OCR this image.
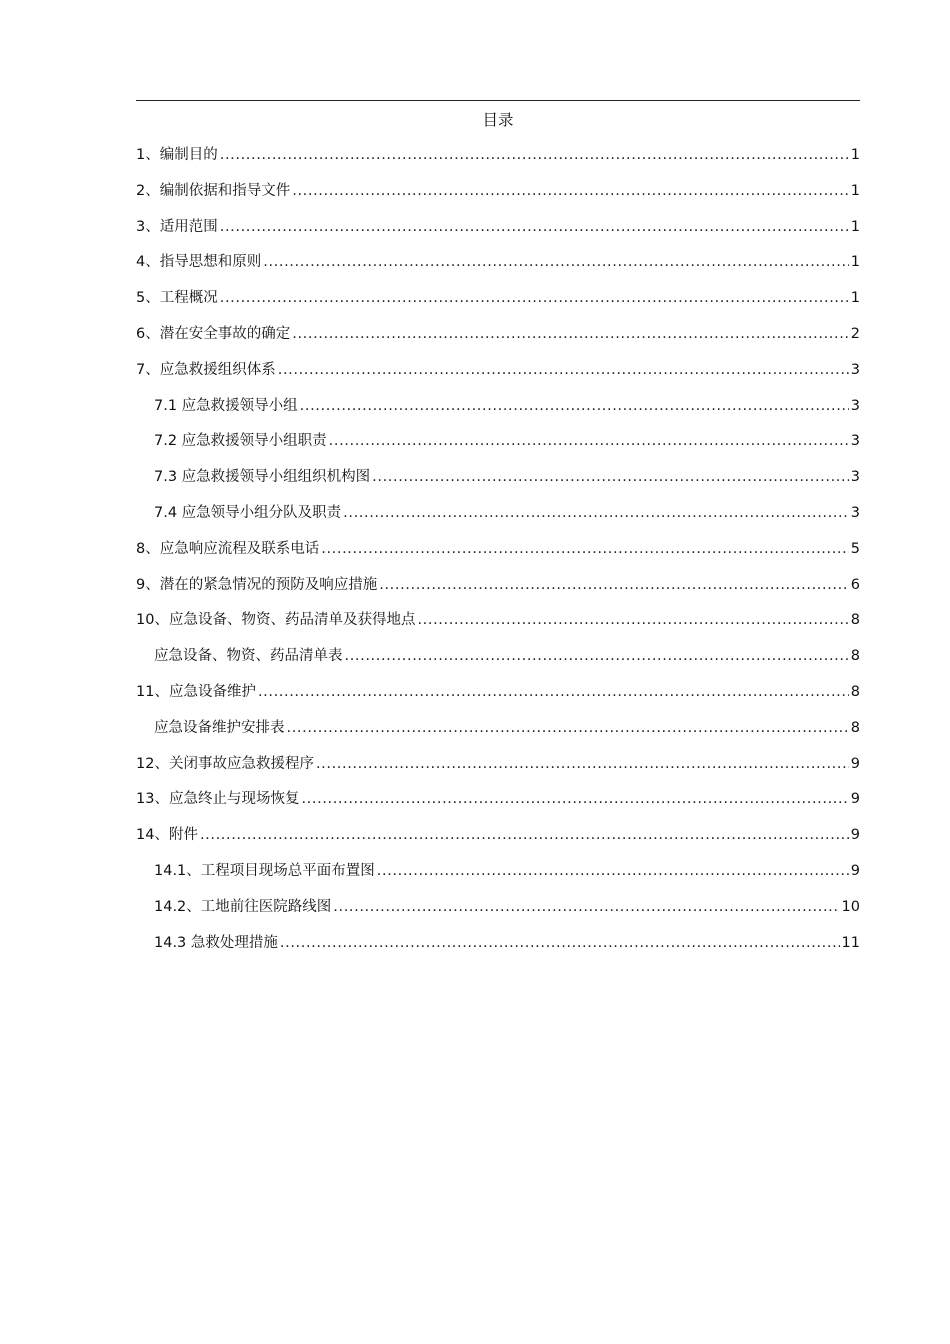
目录
1、编制目的 .....	1
2、编制依据和指导文件 .....	1
3、适用范围 .....	1
4、指导思想和原则 .....	1
5、工程概况 .....	1
6、潜在安全事故的确定 .....	2
7、应急救援组织体系 .....	3
7.1 应急救援领导小组 .....	3
7.2 应急救援领导小组职责 .....	3
7.3 应急救援领导小组组织机构图 .....	3
7.4 应急领导小组分队及职责 .....	3
8、应急响应流程及联系电话 .....	5
9、潜在的紧急情况的预防及响应措施 .....	6
10、应急设备、物资、药品清单及获得地点 .....	8
应急设备、物资、药品清单表 .....	8
11、应急设备维护 .....	8
应急设备维护安排表 .....	8
12、关闭事故应急救援程序 .....	9
13、应急终止与现场恢复 .....	9
14、附件 .....	9
14.1、工程项目现场总平面布置图 .....	9
14.2、工地前往医院路线图 .....	10
14.3 急救处理措施 .....	11
